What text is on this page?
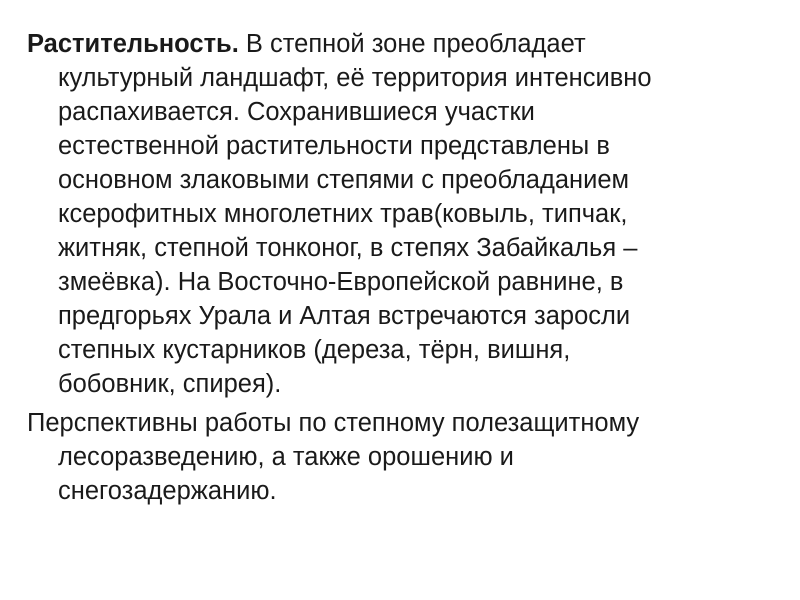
Растительность. В степной зоне преобладает
культурный ландшафт, её территория интенсивно
распахивается. Сохранившиеся участки
естественной растительности представлены в
основном злаковыми степями с преобладанием
ксерофитных многолетних трав(ковыль, типчак,
житняк, степной тонконог, в степях Забайкалья –
змеёвка). На Восточно-Европейской равнине, в
предгорьях Урала и Алтая встречаются заросли
степных кустарников (дереза, тёрн, вишня,
бобовник, спирея).

Перспективны работы по степному полезащитному
лесоразведению, а также орошению и
снегозадержанию.
